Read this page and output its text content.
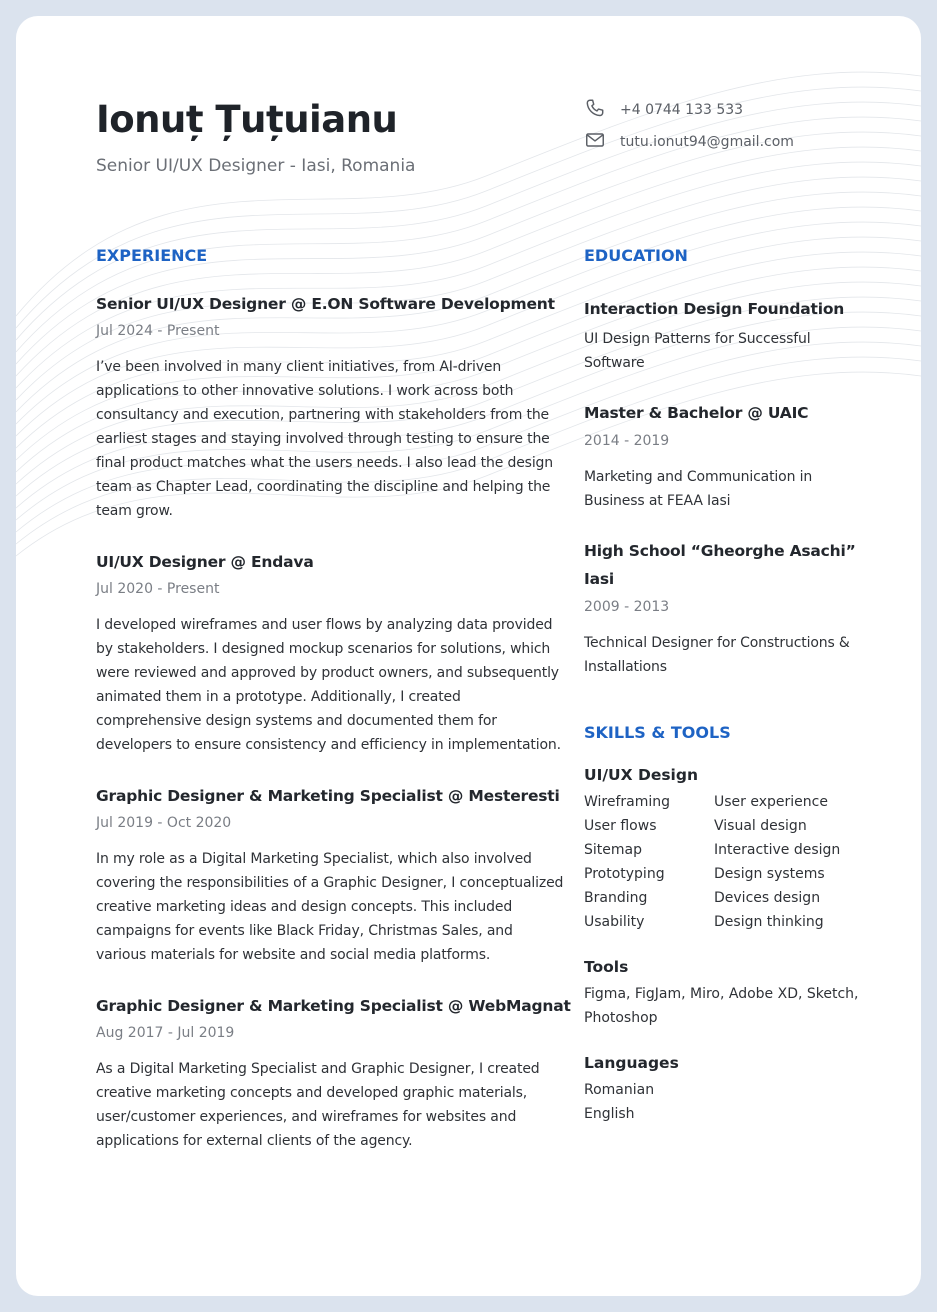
Ionuț Țuțuianu
Senior UI/UX Designer - Iasi, Romania
+4 0744 133 533
tutu.ionut94@gmail.com
EXPERIENCE
Senior UI/UX Designer @ E.ON Software Development
Jul 2024 - Present
I’ve been involved in many client initiatives, from AI-driven applications to other innovative solutions. I work across both consultancy and execution, partnering with stakeholders from the earliest stages and staying involved through testing to ensure the final product matches what the users needs. I also lead the design team as Chapter Lead, coordinating the discipline and helping the team grow.
UI/UX Designer @ Endava
Jul 2020 - Present
I developed wireframes and user flows by analyzing data provided by stakeholders. I designed mockup scenarios for solutions, which were reviewed and approved by product owners, and subsequently animated them in a prototype. Additionally, I created comprehensive design systems and documented them for developers to ensure consistency and efficiency in implementation.
Graphic Designer & Marketing Specialist @ Mesteresti
Jul 2019 - Oct 2020
In my role as a Digital Marketing Specialist, which also involved covering the responsibilities of a Graphic Designer, I conceptualized creative marketing ideas and design concepts. This included campaigns for events like Black Friday, Christmas Sales, and various materials for website and social media platforms.
Graphic Designer & Marketing Specialist @ WebMagnat
Aug 2017 - Jul 2019
As a Digital Marketing Specialist and Graphic Designer, I created creative marketing concepts and developed graphic materials, user/customer experiences, and wireframes for websites and applications for external clients of the agency.
EDUCATION
Interaction Design Foundation
UI Design Patterns for Successful Software
Master & Bachelor @ UAIC
2014 - 2019
Marketing and Communication in Business at FEAA Iasi
High School “Gheorghe Asachi” Iasi
2009 - 2013
Technical Designer for Constructions & Installations
SKILLS & TOOLS
UI/UX Design
Wireframing	User experience
User flows	Visual design
Sitemap	Interactive design
Prototyping	Design systems
Branding	Devices design
Usability	Design thinking
Tools
Figma, FigJam, Miro, Adobe XD, Sketch, Photoshop
Languages
Romanian
English
